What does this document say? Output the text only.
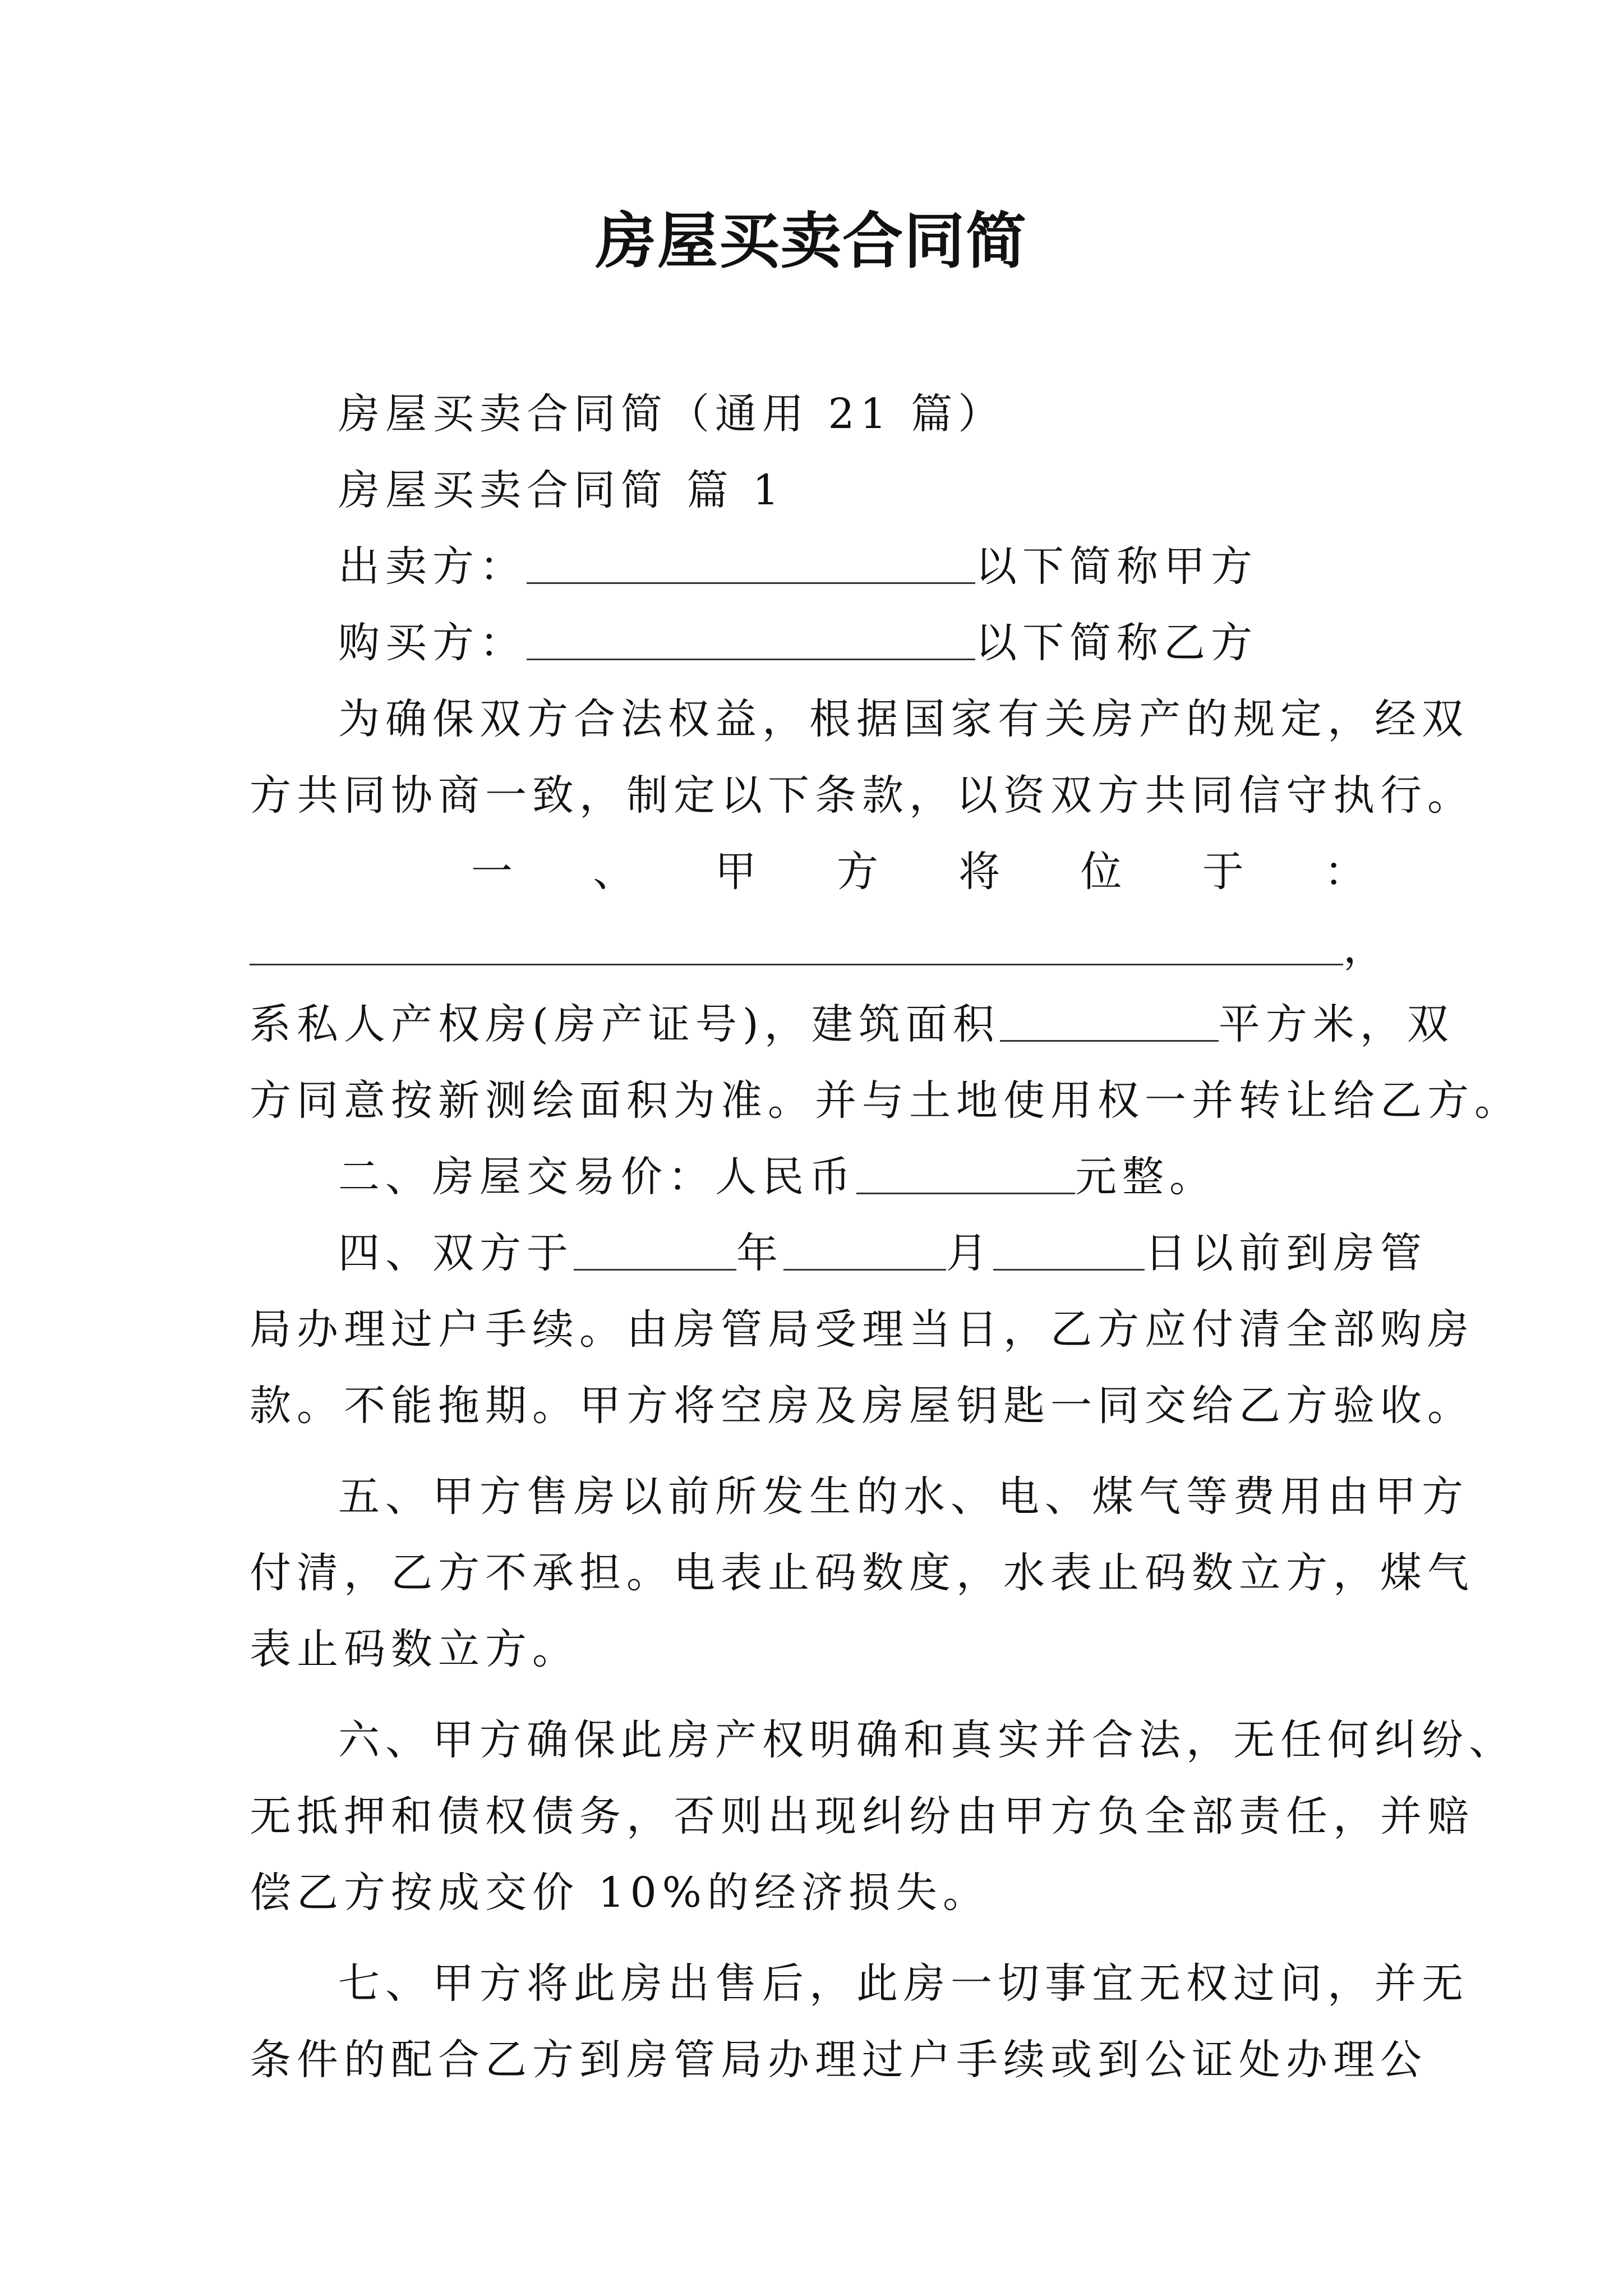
房屋买卖合同简
房屋买卖合同简（通用 21 篇）
房屋买卖合同简 篇 1
出卖方：	以下简称甲方
购买方：	以下简称乙方
为确保双方合法权益，根据国家有关房产的规定，经双
方共同协商一致，制定以下条款，以资双方共同信守执行。
一 、 甲 方 将 位 于 ：
，
系私人产权房(房产证号)，建筑面积	平方米，双
方同意按新测绘面积为准。并与土地使用权一并转让给乙方。
二、房屋交易价：人民币	元整。
四、双方于	年	月	日以前到房管
局办理过户手续。由房管局受理当日，乙方应付清全部购房
款。不能拖期。甲方将空房及房屋钥匙一同交给乙方验收。
五、甲方售房以前所发生的水、电、煤气等费用由甲方
付清，乙方不承担。电表止码数度，水表止码数立方，煤气
表止码数立方。
六、甲方确保此房产权明确和真实并合法，无任何纠纷、
无抵押和债权债务，否则出现纠纷由甲方负全部责任，并赔
偿乙方按成交价 10%的经济损失。
七、甲方将此房出售后，此房一切事宜无权过问，并无
条件的配合乙方到房管局办理过户手续或到公证处办理公
